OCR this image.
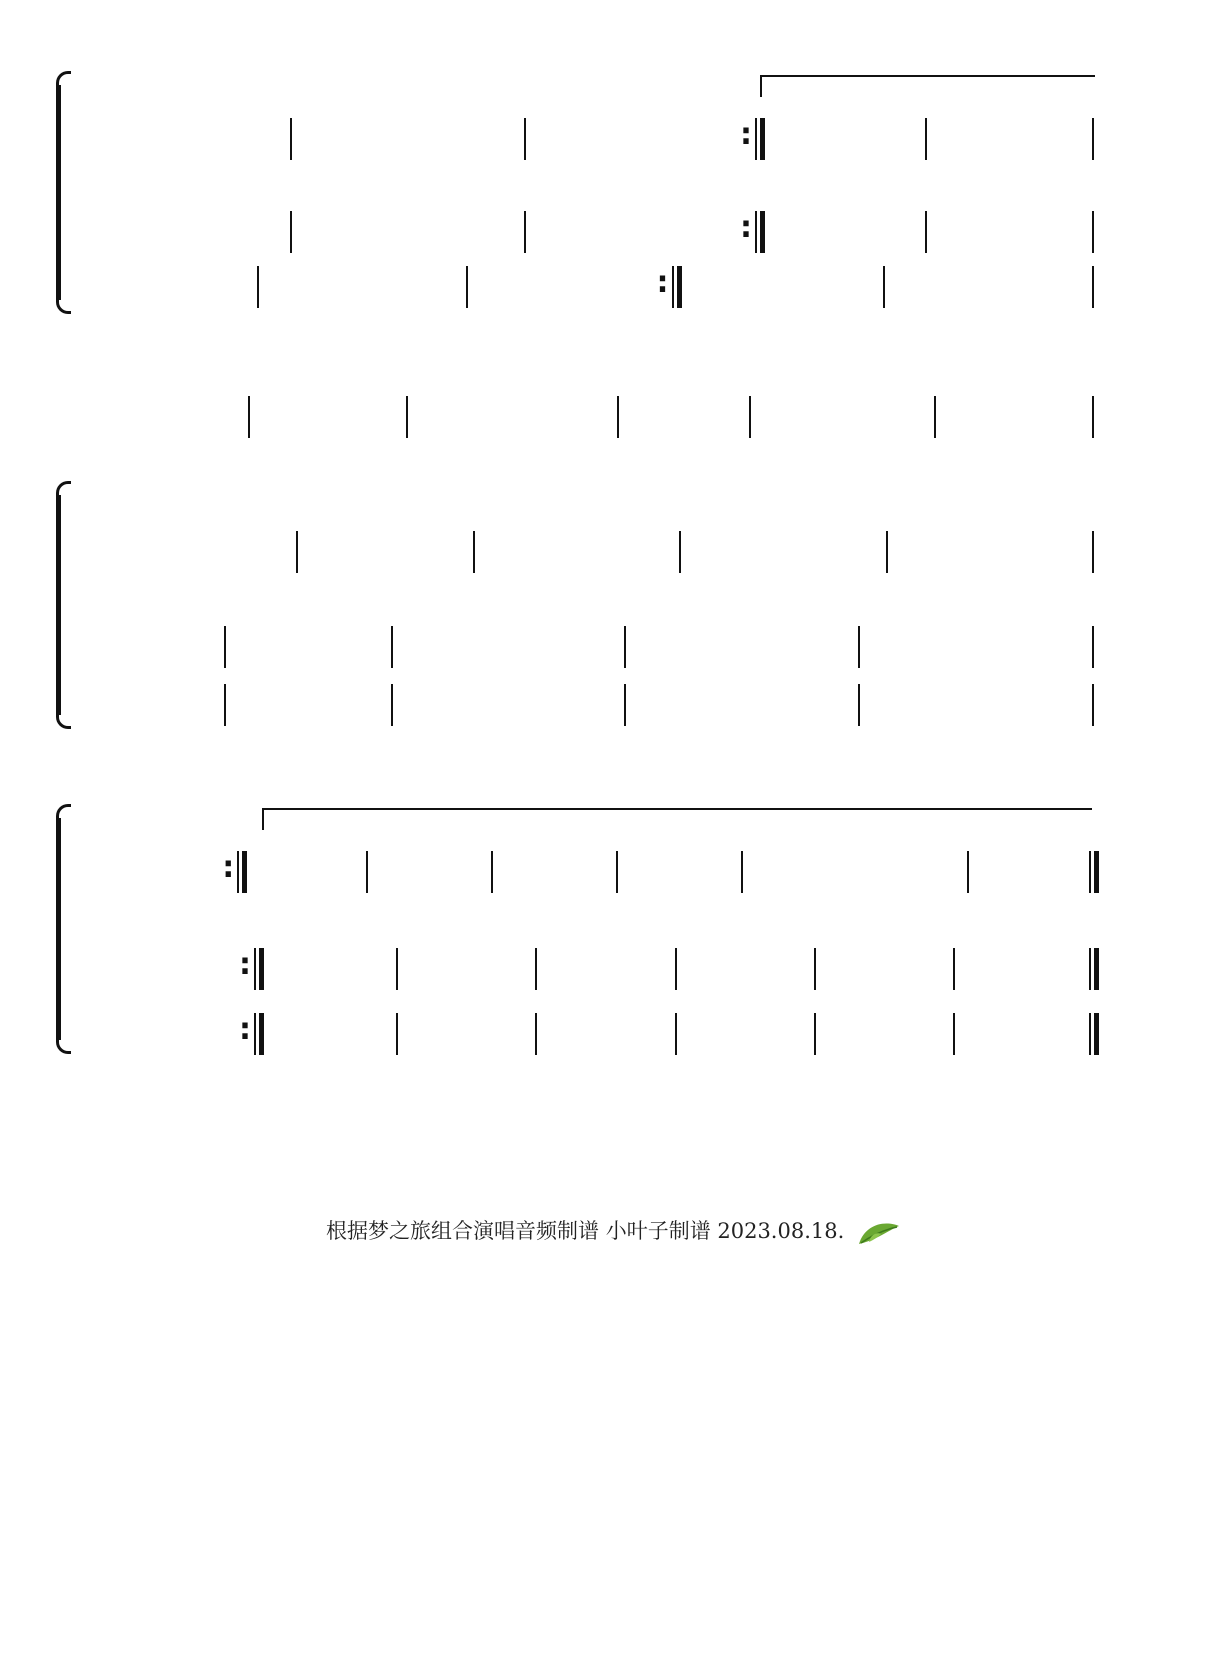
:
:
:
:
:
:
根据梦之旅组合演唱音频制谱 小叶子制谱 2023.08.18.
